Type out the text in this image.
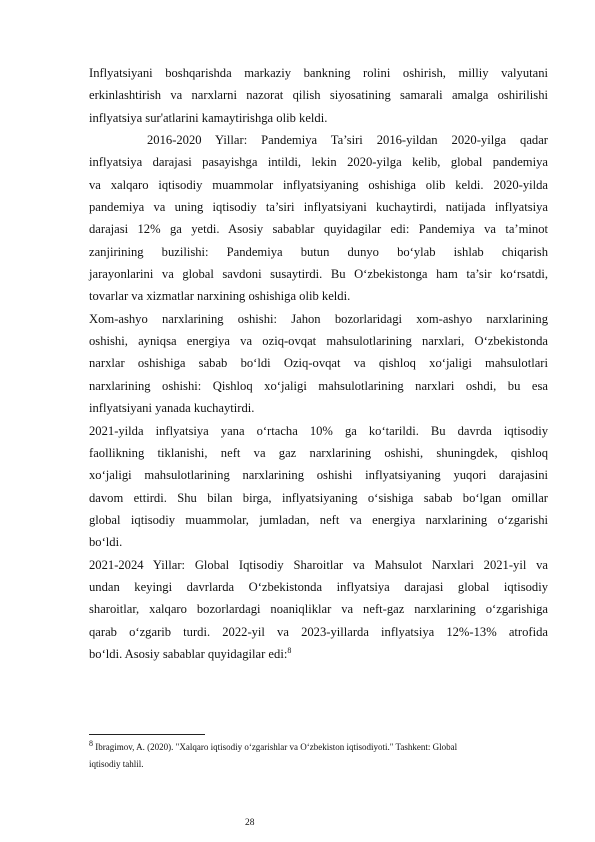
Inflyatsiyani boshqarishda markaziy bankning rolini oshirish, milliy valyutani
erkinlashtirish va narxlarni nazorat qilish siyosatining samarali amalga oshirilishi
inflyatsiya sur'atlarini kamaytirishga olib keldi.
2016-2020 Yillar: Pandemiya Ta’siri 2016-yildan 2020-yilga qadar
inflyatsiya darajasi pasayishga intildi, lekin 2020-yilga kelib, global pandemiya
va xalqaro iqtisodiy muammolar inflyatsiyaning oshishiga olib keldi. 2020-yilda
pandemiya va uning iqtisodiy ta’siri inflyatsiyani kuchaytirdi, natijada inflyatsiya
darajasi 12% ga yetdi. Asosiy sabablar quyidagilar edi: Pandemiya va ta’minot
zanjirining buzilishi: Pandemiya butun dunyo bo‘ylab ishlab chiqarish
jarayonlarini va global savdoni susaytirdi. Bu O‘zbekistonga ham ta’sir ko‘rsatdi,
tovarlar va xizmatlar narxining oshishiga olib keldi.
Xom-ashyo narxlarining oshishi: Jahon bozorlaridagi xom-ashyo narxlarining
oshishi, ayniqsa energiya va oziq-ovqat mahsulotlarining narxlari, O‘zbekistonda
narxlar oshishiga sabab bo‘ldi Oziq-ovqat va qishloq xo‘jaligi mahsulotlari
narxlarining oshishi: Qishloq xo‘jaligi mahsulotlarining narxlari oshdi, bu esa
inflyatsiyani yanada kuchaytirdi.
2021-yilda inflyatsiya yana o‘rtacha 10% ga ko‘tarildi. Bu davrda iqtisodiy
faollikning tiklanishi, neft va gaz narxlarining oshishi, shuningdek, qishloq
xo‘jaligi mahsulotlarining narxlarining oshishi inflyatsiyaning yuqori darajasini
davom ettirdi. Shu bilan birga, inflyatsiyaning o‘sishiga sabab bo‘lgan omillar
global iqtisodiy muammolar, jumladan, neft va energiya narxlarining o‘zgarishi
bo‘ldi.
2021-2024 Yillar: Global Iqtisodiy Sharoitlar va Mahsulot Narxlari 2021-yil va
undan keyingi davrlarda O‘zbekistonda inflyatsiya darajasi global iqtisodiy
sharoitlar, xalqaro bozorlardagi noaniqliklar va neft-gaz narxlarining o‘zgarishiga
qarab o‘zgarib turdi. 2022-yil va 2023-yillarda inflyatsiya 12%-13% atrofida
bo‘ldi. Asosiy sabablar quyidagilar edi:$^8$
$^8$ Ibragimov, A. (2020). "Xalqaro iqtisodiy o‘zgarishlar va O‘zbekiston iqtisodiyoti." Tashkent: Global
iqtisodiy tahlil.
28
